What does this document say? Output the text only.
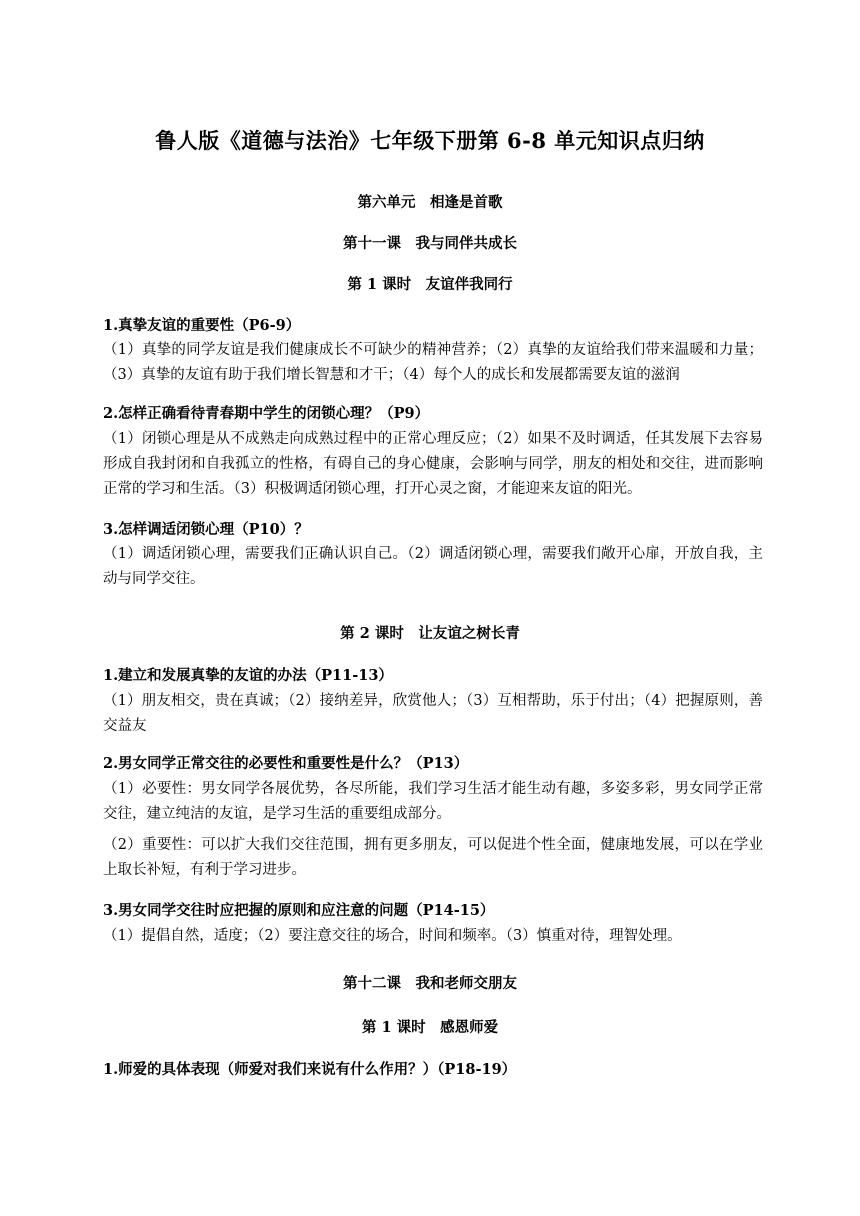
鲁人版《道德与法治》七年级下册第 6-8 单元知识点归纳
第六单元　相逢是首歌
第十一课　我与同伴共成长
第 1 课时　友谊伴我同行
1.真挚友谊的重要性（P6-9）
（1）真挚的同学友谊是我们健康成长不可缺少的精神营养；（2）真挚的友谊给我们带来温暖和力量；（3）真挚的友谊有助于我们增长智慧和才干；（4）每个人的成长和发展都需要友谊的滋润
2.怎样正确看待青春期中学生的闭锁心理？（P9）
（1）闭锁心理是从不成熟走向成熟过程中的正常心理反应；（2）如果不及时调适，任其发展下去容易形成自我封闭和自我孤立的性格，有碍自己的身心健康，会影响与同学，朋友的相处和交往，进而影响正常的学习和生活。（3）积极调适闭锁心理，打开心灵之窗，才能迎来友谊的阳光。
3.怎样调适闭锁心理（P10）？
（1）调适闭锁心理，需要我们正确认识自己。（2）调适闭锁心理，需要我们敞开心扉，开放自我，主动与同学交往。
第 2 课时　让友谊之树长青
1.建立和发展真挚的友谊的办法（P11-13）
（1）朋友相交，贵在真诚；（2）接纳差异，欣赏他人；（3）互相帮助，乐于付出；（4）把握原则，善交益友
2.男女同学正常交往的必要性和重要性是什么？（P13）
（1）必要性：男女同学各展优势，各尽所能，我们学习生活才能生动有趣，多姿多彩，男女同学正常交往，建立纯洁的友谊，是学习生活的重要组成部分。
（2）重要性：可以扩大我们交往范围，拥有更多朋友，可以促进个性全面，健康地发展，可以在学业上取长补短，有利于学习进步。
3.男女同学交往时应把握的原则和应注意的问题（P14-15）
（1）提倡自然，适度；（2）要注意交往的场合，时间和频率。（3）慎重对待，理智处理。
第十二课　我和老师交朋友
第 1 课时　感恩师爱
1.师爱的具体表现（师爱对我们来说有什么作用？）（P18-19）
